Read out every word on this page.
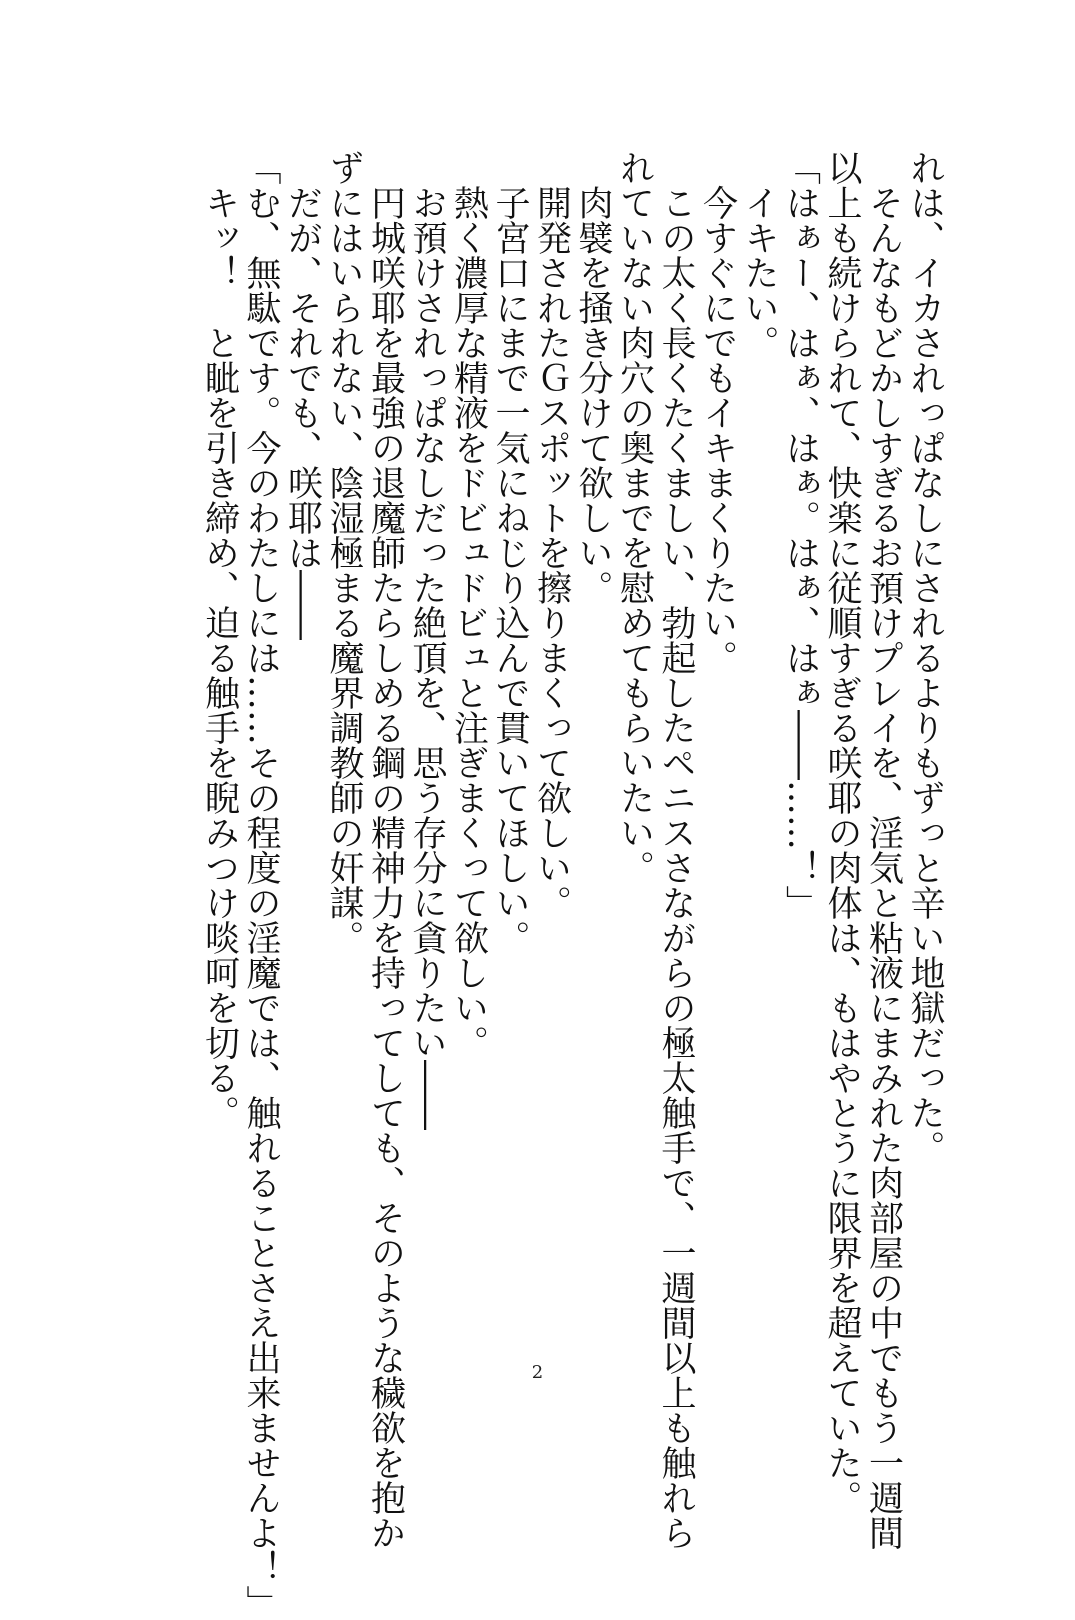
れは、イカされっぱなしにされるよりもずっと辛い地獄だった。
　そんなもどかしすぎるお預けプレイを、淫気と粘液にまみれた肉部屋の中でもう一週間
以上も続けられて、快楽に従順すぎる咲耶の肉体は、もはやとうに限界を超えていた。
「はぁー、はぁ、はぁ。はぁ、はぁ――……！」
　イキたい。
　今すぐにでもイキまくりたい。
　この太く長くたくましい、勃起したペニスさながらの極太触手で、一週間以上も触れら
れていない肉穴の奥までを慰めてもらいたい。
　肉襞を掻き分けて欲しい。
　開発されたＧスポットを擦りまくって欲しい。
　子宮口にまで一気にねじり込んで貫いてほしい。
　熱く濃厚な精液をドビュドビュと注ぎまくって欲しい。
　お預けされっぱなしだった絶頂を、思う存分に貪りたい――
　円城咲耶を最強の退魔師たらしめる鋼の精神力を持ってしても、そのような穢欲を抱か
ずにはいられない、陰湿極まる魔界調教師の奸謀。
　だが、それでも、咲耶は――
「む、無駄です。今のわたしには……その程度の淫魔では、触れることさえ出来ませんよ！」
　キッ！　と眦を引き締め、迫る触手を睨みつけ啖呵を切る。
2
